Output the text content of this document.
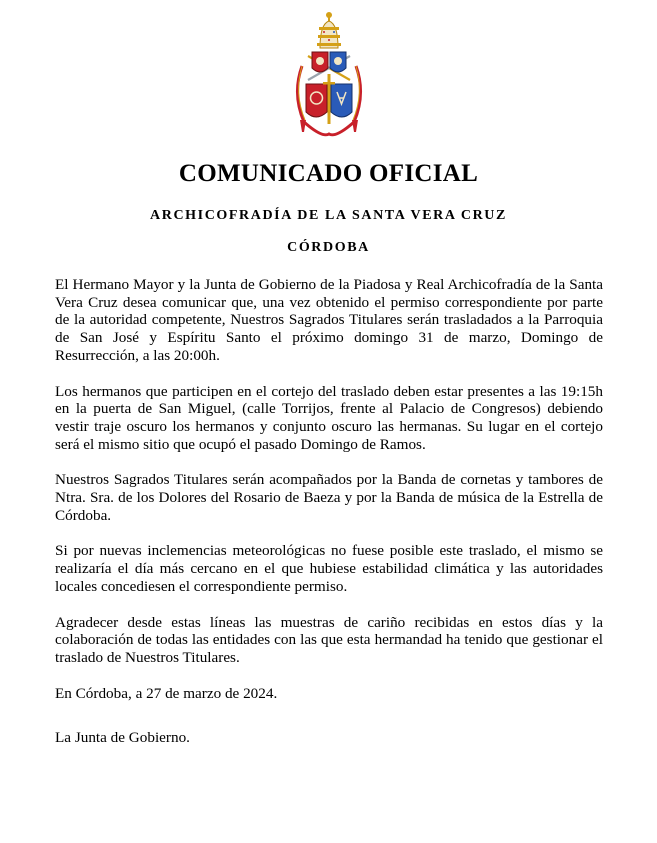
COMUNICADO OFICIAL
ARCHICOFRADÍA DE LA SANTA VERA CRUZ
CÓRDOBA

El Hermano Mayor y la Junta de Gobierno de la Piadosa y Real Archicofradía de la Santa Vera Cruz desea comunicar que, una vez obtenido el permiso correspondiente por parte de la autoridad competente, Nuestros Sagrados Titulares serán trasladados a la Parroquia de San José y Espíritu Santo el próximo domingo 31 de marzo, Domingo de Resurrección, a las 20:00h.

Los hermanos que participen en el cortejo del traslado deben estar presentes a las 19:15h en la puerta de San Miguel, (calle Torrijos, frente al Palacio de Congresos) debiendo vestir traje oscuro los hermanos y conjunto oscuro las hermanas. Su lugar en el cortejo será el mismo sitio que ocupó el pasado Domingo de Ramos.

Nuestros Sagrados Titulares serán acompañados por la Banda de cornetas y tambores de Ntra. Sra. de los Dolores del Rosario de Baeza y por la Banda de música de la Estrella de Córdoba.

Si por nuevas inclemencias meteorológicas no fuese posible este traslado, el mismo se realizaría el día más cercano en el que hubiese estabilidad climática y las autoridades locales concediesen el correspondiente permiso.

Agradecer desde estas líneas las muestras de cariño recibidas en estos días y la colaboración de todas las entidades con las que esta hermandad ha tenido que gestionar el traslado de Nuestros Titulares.

En Córdoba, a 27 de marzo de 2024.

La Junta de Gobierno.
